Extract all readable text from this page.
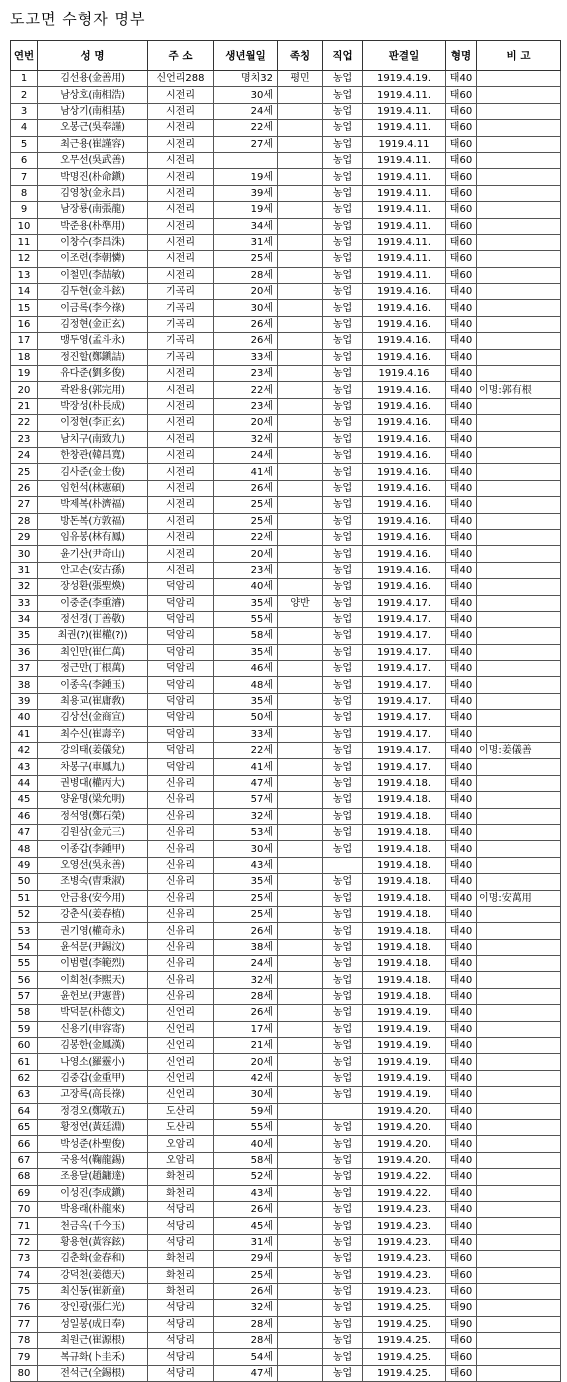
도고면 수형자 명부
연번	성 명	주 소	생년월일	족칭	직업	판결일	형명	비 고
1	김선용(金善用)	신언리288	명치32	평민	농업	1919.4.19.	태40	
2	남상호(南相浩)	시전리	30세		농업	1919.4.11.	태60	
3	남상기(南相基)	시전리	24세		농업	1919.4.11.	태60	
4	오봉근(吳奉謹)	시전리	22세		농업	1919.4.11.	태60	
5	최근용(崔謹容)	시전리	27세		농업	1919.4.11	태60	
6	오무선(吳武善)	시전리			농업	1919.4.11.	태60	
7	박명진(朴命鎭)	시전리	19세		농업	1919.4.11.	태60	
8	김영창(金永昌)	시전리	39세		농업	1919.4.11.	태60	
9	남장룡(南張龍)	시전리	19세		농업	1919.4.11.	태60	
10	박준용(朴準用)	시전리	34세		농업	1919.4.11.	태60	
11	이창수(李昌洙)	시전리	31세		농업	1919.4.11.	태60	
12	이조련(李朝憐)	시전리	25세		농업	1919.4.11.	태60	
13	이철민(李喆敏)	시전리	28세		농업	1919.4.11.	태60	
14	김두현(金斗鉉)	기곡리	20세		농업	1919.4.16.	태40	
15	이금록(李今祿)	기곡리	30세		농업	1919.4.16.	태40	
16	김정현(金正玄)	기곡리	26세		농업	1919.4.16.	태40	
17	맹두영(孟斗永)	기곡리	26세		농업	1919.4.16.	태40	
18	정진할(鄭鎭詰)	기곡리	33세		농업	1919.4.16.	태40	
19	유다준(劉多俊)	시전리	23세		농업	1919.4.16	태40	
20	곽완용(郭完用)	시전리	22세		농업	1919.4.16.	태40	이명:郭有根
21	박장성(朴長成)	시전리	23세		농업	1919.4.16.	태40	
22	이정현(李正玄)	시전리	20세		농업	1919.4.16.	태40	
23	남치구(南致九)	시전리	32세		농업	1919.4.16.	태40	
24	한창관(韓昌寬)	시전리	24세		농업	1919.4.16.	태40	
25	김사준(金士俊)	시전리	41세		농업	1919.4.16.	태40	
26	임헌석(林憲碩)	시전리	26세		농업	1919.4.16.	태40	
27	박제복(朴濟福)	시전리	25세		농업	1919.4.16.	태40	
28	방돈복(方敦福)	시전리	25세		농업	1919.4.16.	태40	
29	임유봉(林有鳳)	시전리	22세		농업	1919.4.16.	태40	
30	윤기산(尹奇山)	시전리	20세		농업	1919.4.16.	태40	
31	안고손(安古孫)	시전리	23세		농업	1919.4.16.	태40	
32	장성환(張聖煥)	덕암리	40세		농업	1919.4.16.	태40	
33	이중준(李重濬)	덕암리	35세	양반	농업	1919.4.17.	태40	
34	정선경(丁善敬)	덕암리	55세		농업	1919.4.17.	태40	
35	최권(?)(崔權(?))	덕암리	58세		농업	1919.4.17.	태40	
36	최인만(崔仁萬)	덕암리	35세		농업	1919.4.17.	태40	
37	정근만(丁根萬)	덕암리	46세		농업	1919.4.17.	태40	
38	이종옥(李鍾玉)	덕암리	48세		농업	1919.4.17.	태40	
39	최용교(崔庸敎)	덕암리	35세		농업	1919.4.17.	태40	
40	김상선(金商宣)	덕암리	50세		농업	1919.4.17.	태40	
41	최수신(崔壽辛)	덕암리	33세		농업	1919.4.17.	태40	
42	강의태(姜儀兌)	덕암리	22세		농업	1919.4.17.	태40	이명:姜儀善
43	차봉구(車鳳九)	덕암리	41세		농업	1919.4.17.	태40	
44	권병대(權丙大)	신유리	47세		농업	1919.4.18.	태40	
45	양윤명(梁允明)	신유리	57세		농업	1919.4.18.	태40	
46	정석영(鄭石榮)	신유리	32세		농업	1919.4.18.	태40	
47	김원삼(金元三)	신유리	53세		농업	1919.4.18.	태40	
48	이종갑(李鍾甲)	신유리	30세		농업	1919.4.18.	태40	
49	오영선(吳永善)	신유리	43세			1919.4.18.	태40	
50	조병숙(曺秉淑)	신유리	35세		농업	1919.4.18.	태40	
51	안금용(安今用)	신유리	25세		농업	1919.4.18.	태40	이명:安萬用
52	강춘식(姜春植)	신유리	25세		농업	1919.4.18.	태40	
53	권기영(權奇永)	신유리	26세		농업	1919.4.18.	태40	
54	윤석문(尹錫汶)	신유리	38세		농업	1919.4.18.	태40	
55	이범렬(李範烈)	신유리	24세		농업	1919.4.18.	태40	
56	이희천(李熙天)	신유리	32세		농업	1919.4.18.	태40	
57	윤헌보(尹憲普)	신유리	28세		농업	1919.4.18.	태40	
58	박덕문(朴德文)	신언리	26세		농업	1919.4.19.	태40	
59	신용기(申容寄)	신언리	17세		농업	1919.4.19.	태40	
60	김봉한(金鳳漢)	신언리	21세		농업	1919.4.19.	태40	
61	나영소(羅靈小)	신언리	20세		농업	1919.4.19.	태40	
62	김중갑(金重甲)	신언리	42세		농업	1919.4.19.	태40	
63	고장록(高長祿)	신언리	30세		농업	1919.4.19.	태40	
64	정경오(鄭敬五)	도산리	59세			1919.4.20.	태40	
65	황정연(黃廷淵)	도산리	55세		농업	1919.4.20.	태40	
66	박성준(朴聖俊)	오암리	40세		농업	1919.4.20.	태40	
67	국용석(鞠龍錫)	오암리	58세		농업	1919.4.20.	태40	
68	조용달(趙鏞達)	화천리	52세		농업	1919.4.22.	태40	
69	이성진(李成鎭)	화천리	43세		농업	1919.4.22.	태40	
70	박용래(朴龍來)	석당리	26세		농업	1919.4.23.	태40	
71	천금옥(千今玉)	석당리	45세		농업	1919.4.23.	태40	
72	황용현(黃容鉉)	석당리	31세		농업	1919.4.23.	태40	
73	김춘화(金春和)	화천리	29세		농업	1919.4.23.	태60	
74	강덕천(姜德天)	화천리	25세		농업	1919.4.23.	태60	
75	최신동(崔新童)	화천리	26세		농업	1919.4.23.	태60	
76	장인광(張仁光)	석당리	32세		농업	1919.4.25.	태90	
77	성일봉(成日奉)	석당리	28세		농업	1919.4.25.	태90	
78	최원근(崔源根)	석당리	28세		농업	1919.4.25.	태60	
79	복규화(卜圭禾)	석당리	54세		농업	1919.4.25.	태60	
80	전석근(全錫根)	석당리	47세		농업	1919.4.25.	태60	
